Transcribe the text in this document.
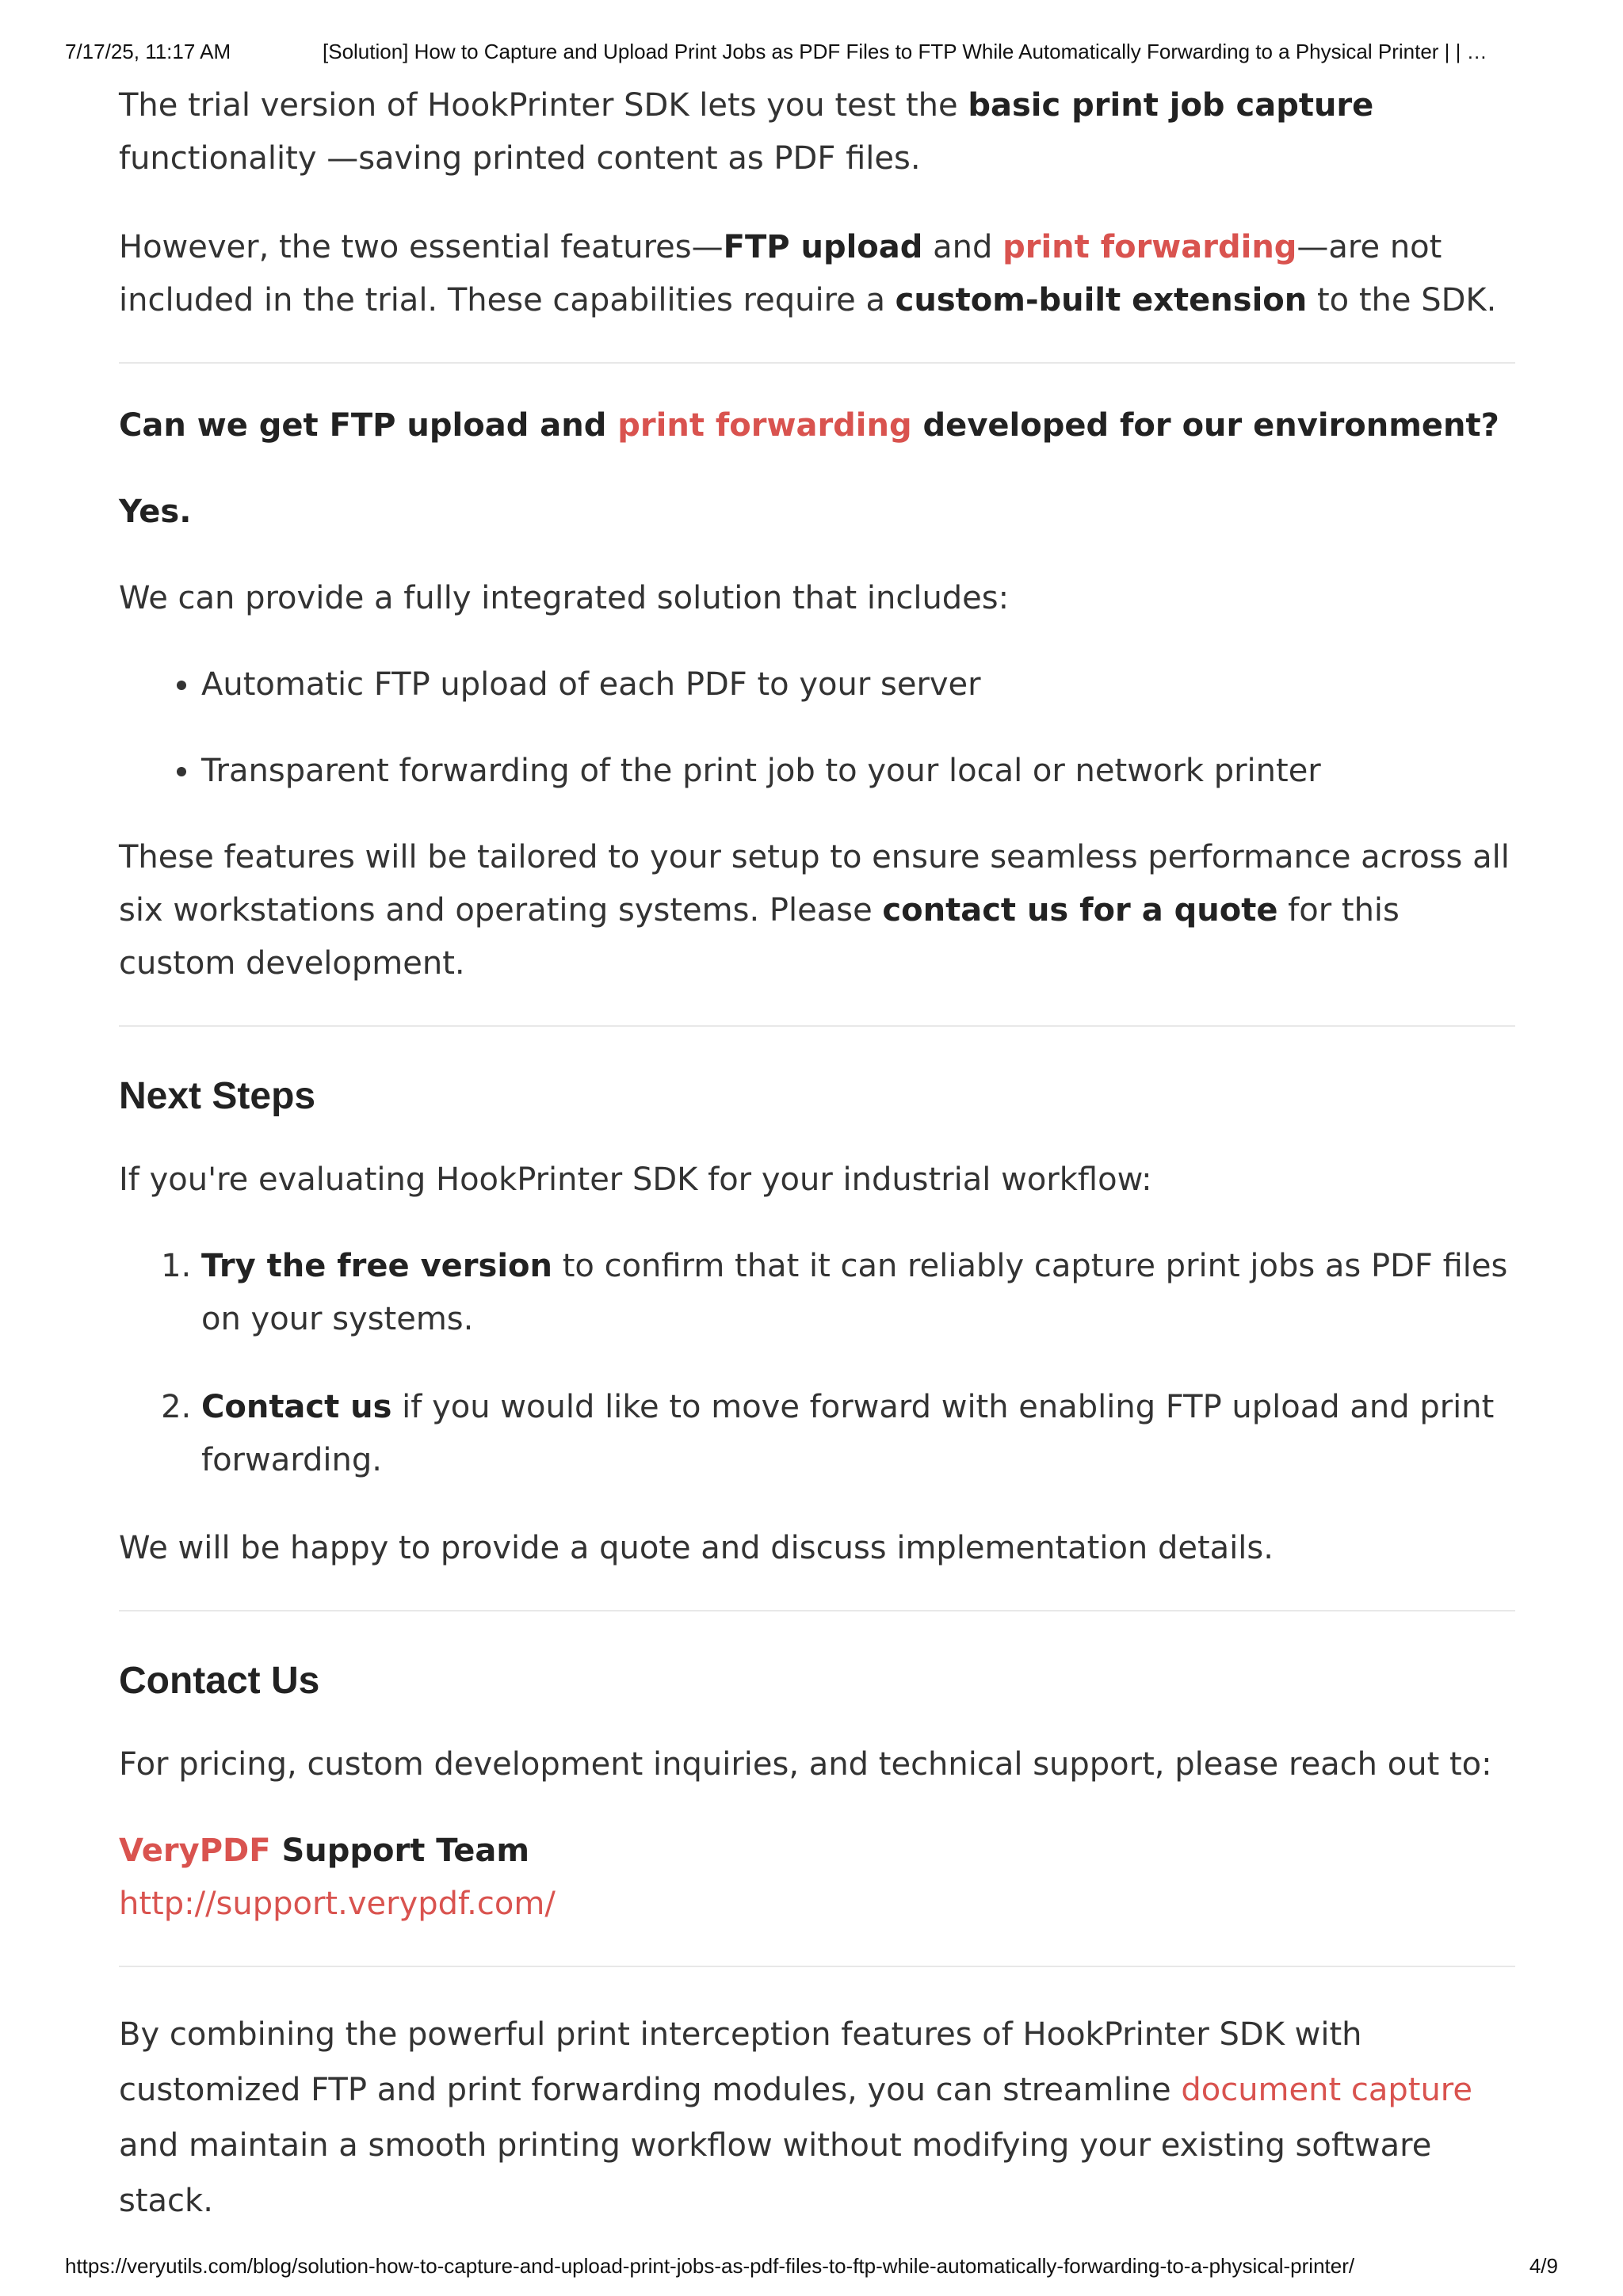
7/17/25, 11:17 AM	[Solution] How to Capture and Upload Print Jobs as PDF Files to FTP While Automatically Forwarding to a Physical Printer | | …

The trial version of HookPrinter SDK lets you test the basic print job capture functionality —saving printed content as PDF files.

However, the two essential features—FTP upload and print forwarding—are not included in the trial. These capabilities require a custom-built extension to the SDK.

Can we get FTP upload and print forwarding developed for our environment?

Yes.

We can provide a fully integrated solution that includes:

• Automatic FTP upload of each PDF to your server
• Transparent forwarding of the print job to your local or network printer

These features will be tailored to your setup to ensure seamless performance across all six workstations and operating systems. Please contact us for a quote for this custom development.

Next Steps

If you're evaluating HookPrinter SDK for your industrial workflow:

1. Try the free version to confirm that it can reliably capture print jobs as PDF files on your systems.
2. Contact us if you would like to move forward with enabling FTP upload and print forwarding.

We will be happy to provide a quote and discuss implementation details.

Contact Us

For pricing, custom development inquiries, and technical support, please reach out to:

VeryPDF Support Team
http://support.verypdf.com/

By combining the powerful print interception features of HookPrinter SDK with customized FTP and print forwarding modules, you can streamline document capture and maintain a smooth printing workflow without modifying your existing software stack.

https://veryutils.com/blog/solution-how-to-capture-and-upload-print-jobs-as-pdf-files-to-ftp-while-automatically-forwarding-to-a-physical-printer/	4/9
